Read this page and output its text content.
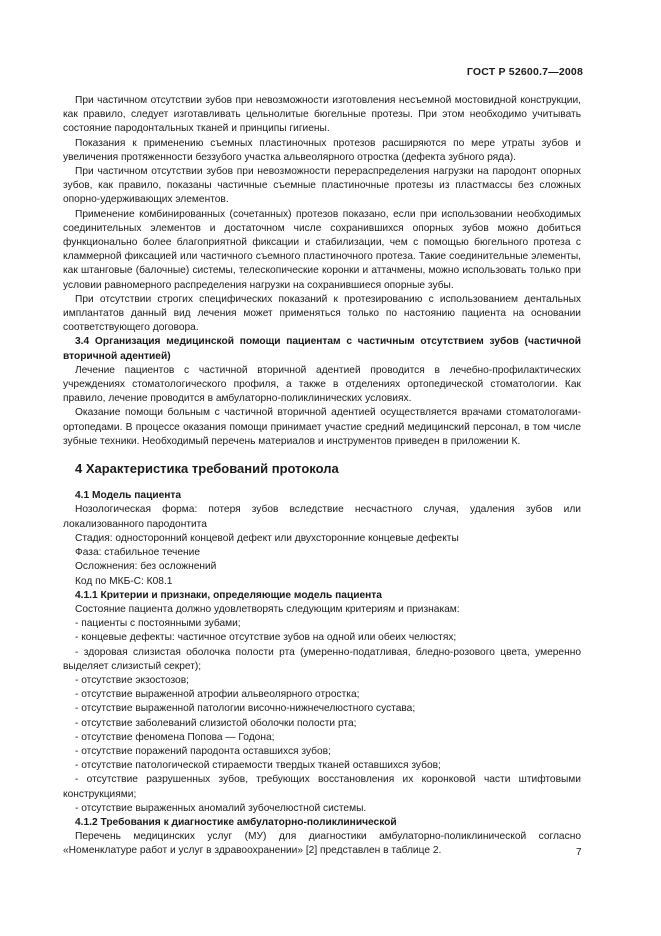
ГОСТ Р 52600.7—2008

При частичном отсутствии зубов при невозможности изготовления несъемной мостовидной конструкции, как правило, следует изготавливать цельнолитые бюгельные протезы. При этом необходимо учитывать состояние пародонтальных тканей и принципы гигиены.

Показания к применению съемных пластиночных протезов расширяются по мере утраты зубов и увеличения протяженности беззубого участка альвеолярного отростка (дефекта зубного ряда).

При частичном отсутствии зубов при невозможности перераспределения нагрузки на пародонт опорных зубов, как правило, показаны частичные съемные пластиночные протезы из пластмассы без сложных опорно-удерживающих элементов.

Применение комбинированных (сочетанных) протезов показано, если при использовании необходимых соединительных элементов и достаточном числе сохранившихся опорных зубов можно добиться функционально более благоприятной фиксации и стабилизации, чем с помощью бюгельного протеза с кламмерной фиксацией или частичного съемного пластиночного протеза. Такие соединительные элементы, как штанговые (балочные) системы, телескопические коронки и аттачмены, можно использовать только при условии равномерного распределения нагрузки на сохранившиеся опорные зубы.

При отсутствии строгих специфических показаний к протезированию с использованием дентальных имплантатов данный вид лечения может применяться только по настоянию пациента на основании соответствующего договора.

3.4 Организация медицинской помощи пациентам с частичным отсутствием зубов (частичной вторичной адентией)

Лечение пациентов с частичной вторичной адентией проводится в лечебно-профилактических учреждениях стоматологического профиля, а также в отделениях ортопедической стоматологии. Как правило, лечение проводится в амбулаторно-поликлинических условиях.

Оказание помощи больным с частичной вторичной адентией осуществляется врачами стоматологами-ортопедами. В процессе оказания помощи принимает участие средний медицинский персонал, в том числе зубные техники. Необходимый перечень материалов и инструментов приведен в приложении К.

4 Характеристика требований протокола

4.1 Модель пациента

Нозологическая форма: потеря зубов вследствие несчастного случая, удаления зубов или локализованного пародонтита

Стадия: односторонний концевой дефект или двухсторонние концевые дефекты

Фаза: стабильное течение

Осложнения: без осложнений

Код по МКБ-С: К08.1

4.1.1 Критерии и признаки, определяющие модель пациента

Состояние пациента должно удовлетворять следующим критериям и признакам:

- пациенты с постоянными зубами;

- концевые дефекты: частичное отсутствие зубов на одной или обеих челюстях;

- здоровая слизистая оболочка полости рта (умеренно-податливая, бледно-розового цвета, умеренно выделяет слизистый секрет);

- отсутствие экзостозов;

- отсутствие выраженной атрофии альвеолярного отростка;

- отсутствие выраженной патологии височно-нижнечелюстного сустава;

- отсутствие заболеваний слизистой оболочки полости рта;

- отсутствие феномена Попова — Годона;

- отсутствие поражений пародонта оставшихся зубов;

- отсутствие патологической стираемости твердых тканей оставшихся зубов;

- отсутствие разрушенных зубов, требующих восстановления их коронковой части штифтовыми конструкциями;

- отсутствие выраженных аномалий зубочелюстной системы.

4.1.2 Требования к диагностике амбулаторно-поликлинической

Перечень медицинских услуг (МУ) для диагностики амбулаторно-поликлинической согласно «Номенклатуре работ и услуг в здравоохранении» [2] представлен в таблице 2.	7
